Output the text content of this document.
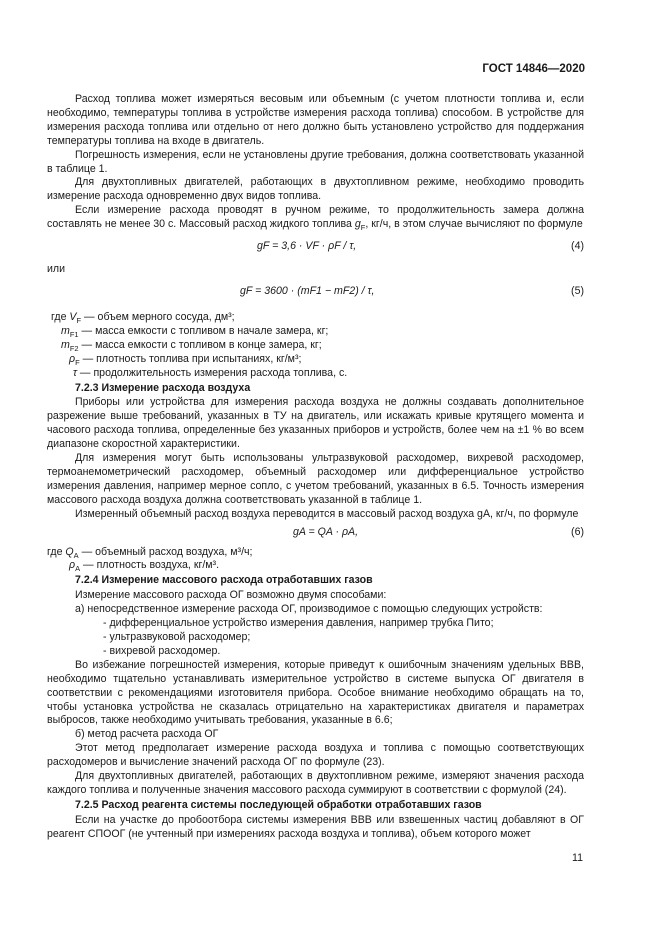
ГОСТ 14846—2020

Расход топлива может измеряться весовым или объемным (с учетом плотности топлива и, если необходимо, температуры топлива в устройстве измерения расхода топлива) способом. В устройстве для измерения расхода топлива или отдельно от него должно быть установлено устройство для поддержания температуры топлива на входе в двигатель.

Погрешность измерения, если не установлены другие требования, должна соответствовать указанной в таблице 1.

Для двухтопливных двигателей, работающих в двухтопливном режиме, необходимо проводить измерение расхода одновременно двух видов топлива.

Если измерение расхода проводят в ручном режиме, то продолжительность замера должна составлять не менее 30 с. Массовый расход жидкого топлива $g_F$, кг/ч, в этом случае вычисляют по формуле

gF = 3,6 · VF · ρF / τ,	(4)

или

gF = 3600 · (mF1 − mF2) / τ,	(5)
где $V_F$ — объем мерного сосуда, дм³;
$m_{F1}$ — масса емкости с топливом в начале замера, кг;
$m_{F2}$ — масса емкости с топливом в конце замера, кг;
$\rho_F$ — плотность топлива при испытаниях, кг/м³;
τ — продолжительность измерения расхода топлива, с.

7.2.3 Измерение расхода воздуха

Приборы или устройства для измерения расхода воздуха не должны создавать дополнительное разрежение выше требований, указанных в ТУ на двигатель, или искажать кривые крутящего момента и часового расхода топлива, определенные без указанных приборов и устройств, более чем на ±1 % во всем диапазоне скоростной характеристики.

Для измерения могут быть использованы ультразвуковой расходомер, вихревой расходомер, термоанемометрический расходомер, объемный расходомер или дифференциальное устройство измерения давления, например мерное сопло, с учетом требований, указанных в 6.5. Точность измерения массового расхода воздуха должна соответствовать указанной в таблице 1.

Измеренный объемный расход воздуха переводится в массовый расход воздуха gA, кг/ч, по формуле

gA = QA · ρA,	(6)
где $Q_A$ — объемный расход воздуха, м³/ч;
$\rho_A$ — плотность воздуха, кг/м³.

7.2.4 Измерение массового расхода отработавших газов

Измерение массового расхода ОГ возможно двумя способами:

а) непосредственное измерение расхода ОГ, производимое с помощью следующих устройств:

- дифференциальное устройство измерения давления, например трубка Пито;

- ультразвуковой расходомер;

- вихревой расходомер.

Во избежание погрешностей измерения, которые приведут к ошибочным значениям удельных ВВВ, необходимо тщательно устанавливать измерительное устройство в системе выпуска ОГ двигателя в соответствии с рекомендациями изготовителя прибора. Особое внимание необходимо обращать на то, чтобы установка устройства не сказалась отрицательно на характеристиках двигателя и параметрах выбросов, также необходимо учитывать требования, указанные в 6.6;

б) метод расчета расхода ОГ

Этот метод предполагает измерение расхода воздуха и топлива с помощью соответствующих расходомеров и вычисление значений расхода ОГ по формуле (23).

Для двухтопливных двигателей, работающих в двухтопливном режиме, измеряют значения расхода каждого топлива и полученные значения массового расхода суммируют в соответствии с формулой (24).

7.2.5 Расход реагента системы последующей обработки отработавших газов

Если на участке до пробоотбора системы измерения ВВВ или взвешенных частиц добавляют в ОГ реагент СПООГ (не учтенный при измерениях расхода воздуха и топлива), объем которого может

11
